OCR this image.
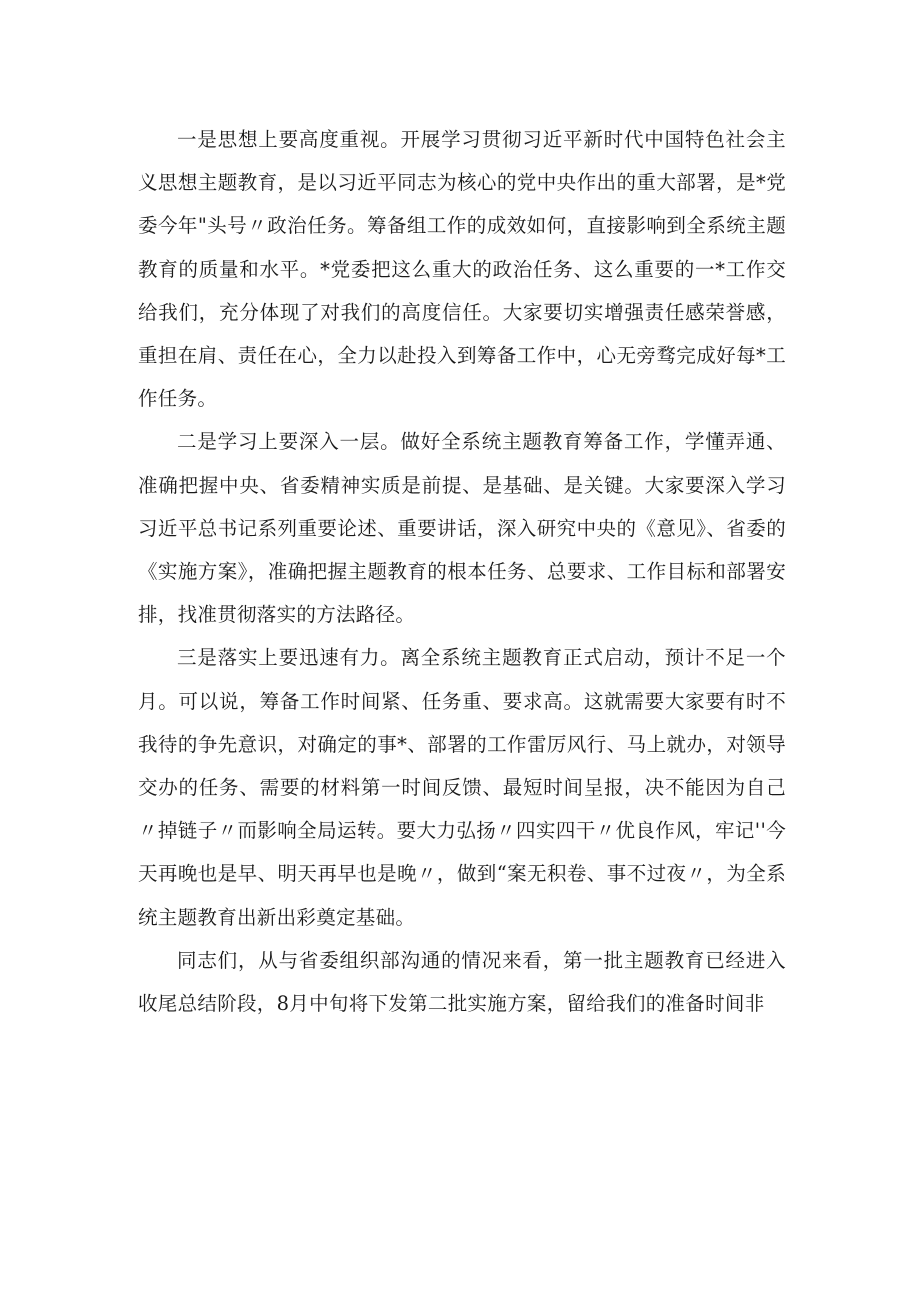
一是思想上要高度重视。开展学习贯彻习近平新时代中国特色社会主义思想主题教育，是以习近平同志为核心的党中央作出的重大部署，是*党委今年"头号〃政治任务。筹备组工作的成效如何，直接影响到全系统主题教育的质量和水平。*党委把这么重大的政治任务、这么重要的一*工作交给我们，充分体现了对我们的高度信任。大家要切实增强责任感荣誉感，重担在肩、责任在心，全力以赴投入到筹备工作中，心无旁骛完成好每*工作任务。

二是学习上要深入一层。做好全系统主题教育筹备工作，学懂弄通、准确把握中央、省委精神实质是前提、是基础、是关键。大家要深入学习习近平总书记系列重要论述、重要讲话，深入研究中央的《意见》、省委的《实施方案》，准确把握主题教育的根本任务、总要求、工作目标和部署安排，找准贯彻落实的方法路径。

三是落实上要迅速有力。离全系统主题教育正式启动，预计不足一个月。可以说，筹备工作时间紧、任务重、要求高。这就需要大家要有时不我待的争先意识，对确定的事*、部署的工作雷厉风行、马上就办，对领导交办的任务、需要的材料第一时间反馈、最短时间呈报，决不能因为自己〃掉链子〃而影响全局运转。要大力弘扬〃四实四干〃优良作风，牢记''今天再晚也是早、明天再早也是晚〃，做到“案无积卷、事不过夜〃，为全系统主题教育出新出彩奠定基础。

同志们，从与省委组织部沟通的情况来看，第一批主题教育已经进入收尾总结阶段，8月中旬将下发第二批实施方案，留给我们的准备时间非
